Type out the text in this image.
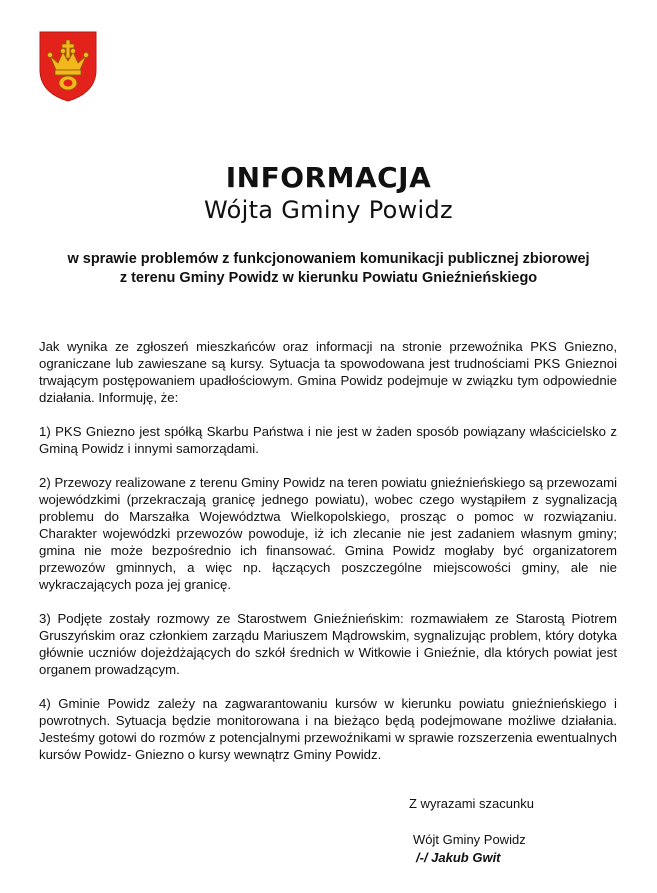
INFORMACJA
Wójta Gminy Powidz
w sprawie problemów z funkcjonowaniem komunikacji publicznej zbiorowej
z terenu Gminy Powidz w kierunku Powiatu Gnieźnieńskiego

Jak wynika ze zgłoszeń mieszkańców oraz informacji na stronie przewoźnika PKS Gniezno, ograniczane lub zawieszane są kursy. Sytuacja ta spowodowana jest trudnościami PKS Gnieznoi trwającym postępowaniem upadłościowym. Gmina Powidz podejmuje w związku tym odpowiednie działania. Informuję, że:

1) PKS Gniezno jest spółką Skarbu Państwa i nie jest w żaden sposób powiązany właścicielsko z Gminą Powidz i innymi samorządami.

2) Przewozy realizowane z terenu Gminy Powidz na teren powiatu gnieźnieńskiego są przewozami wojewódzkimi (przekraczają granicę jednego powiatu), wobec czego wystąpiłem z sygnalizacją problemu do Marszałka Województwa Wielkopolskiego, prosząc o pomoc w rozwiązaniu. Charakter wojewódzki przewozów powoduje, iż ich zlecanie nie jest zadaniem własnym gminy; gmina nie może bezpośrednio ich finansować. Gmina Powidz mogłaby być organizatorem przewozów gminnych, a więc np. łączących poszczególne miejscowości gminy, ale nie wykraczających poza jej granicę.

3) Podjęte zostały rozmowy ze Starostwem Gnieźnieńskim: rozmawiałem ze Starostą Piotrem Gruszyńskim oraz członkiem zarządu Mariuszem Mądrowskim, sygnalizując problem, który dotyka głównie uczniów dojeżdżających do szkół średnich w Witkowie i Gnieźnie, dla których powiat jest organem prowadzącym.

4) Gminie Powidz zależy na zagwarantowaniu kursów w kierunku powiatu gnieźnieńskiego i powrotnych. Sytuacja będzie monitorowana i na bieżąco będą podejmowane możliwe działania. Jesteśmy gotowi do rozmów z potencjalnymi przewoźnikami w sprawie rozszerzenia ewentualnych kursów Powidz- Gniezno o kursy wewnątrz Gminy Powidz.

Z wyrazami szacunku
Wójt Gminy Powidz
/-/ Jakub Gwit
